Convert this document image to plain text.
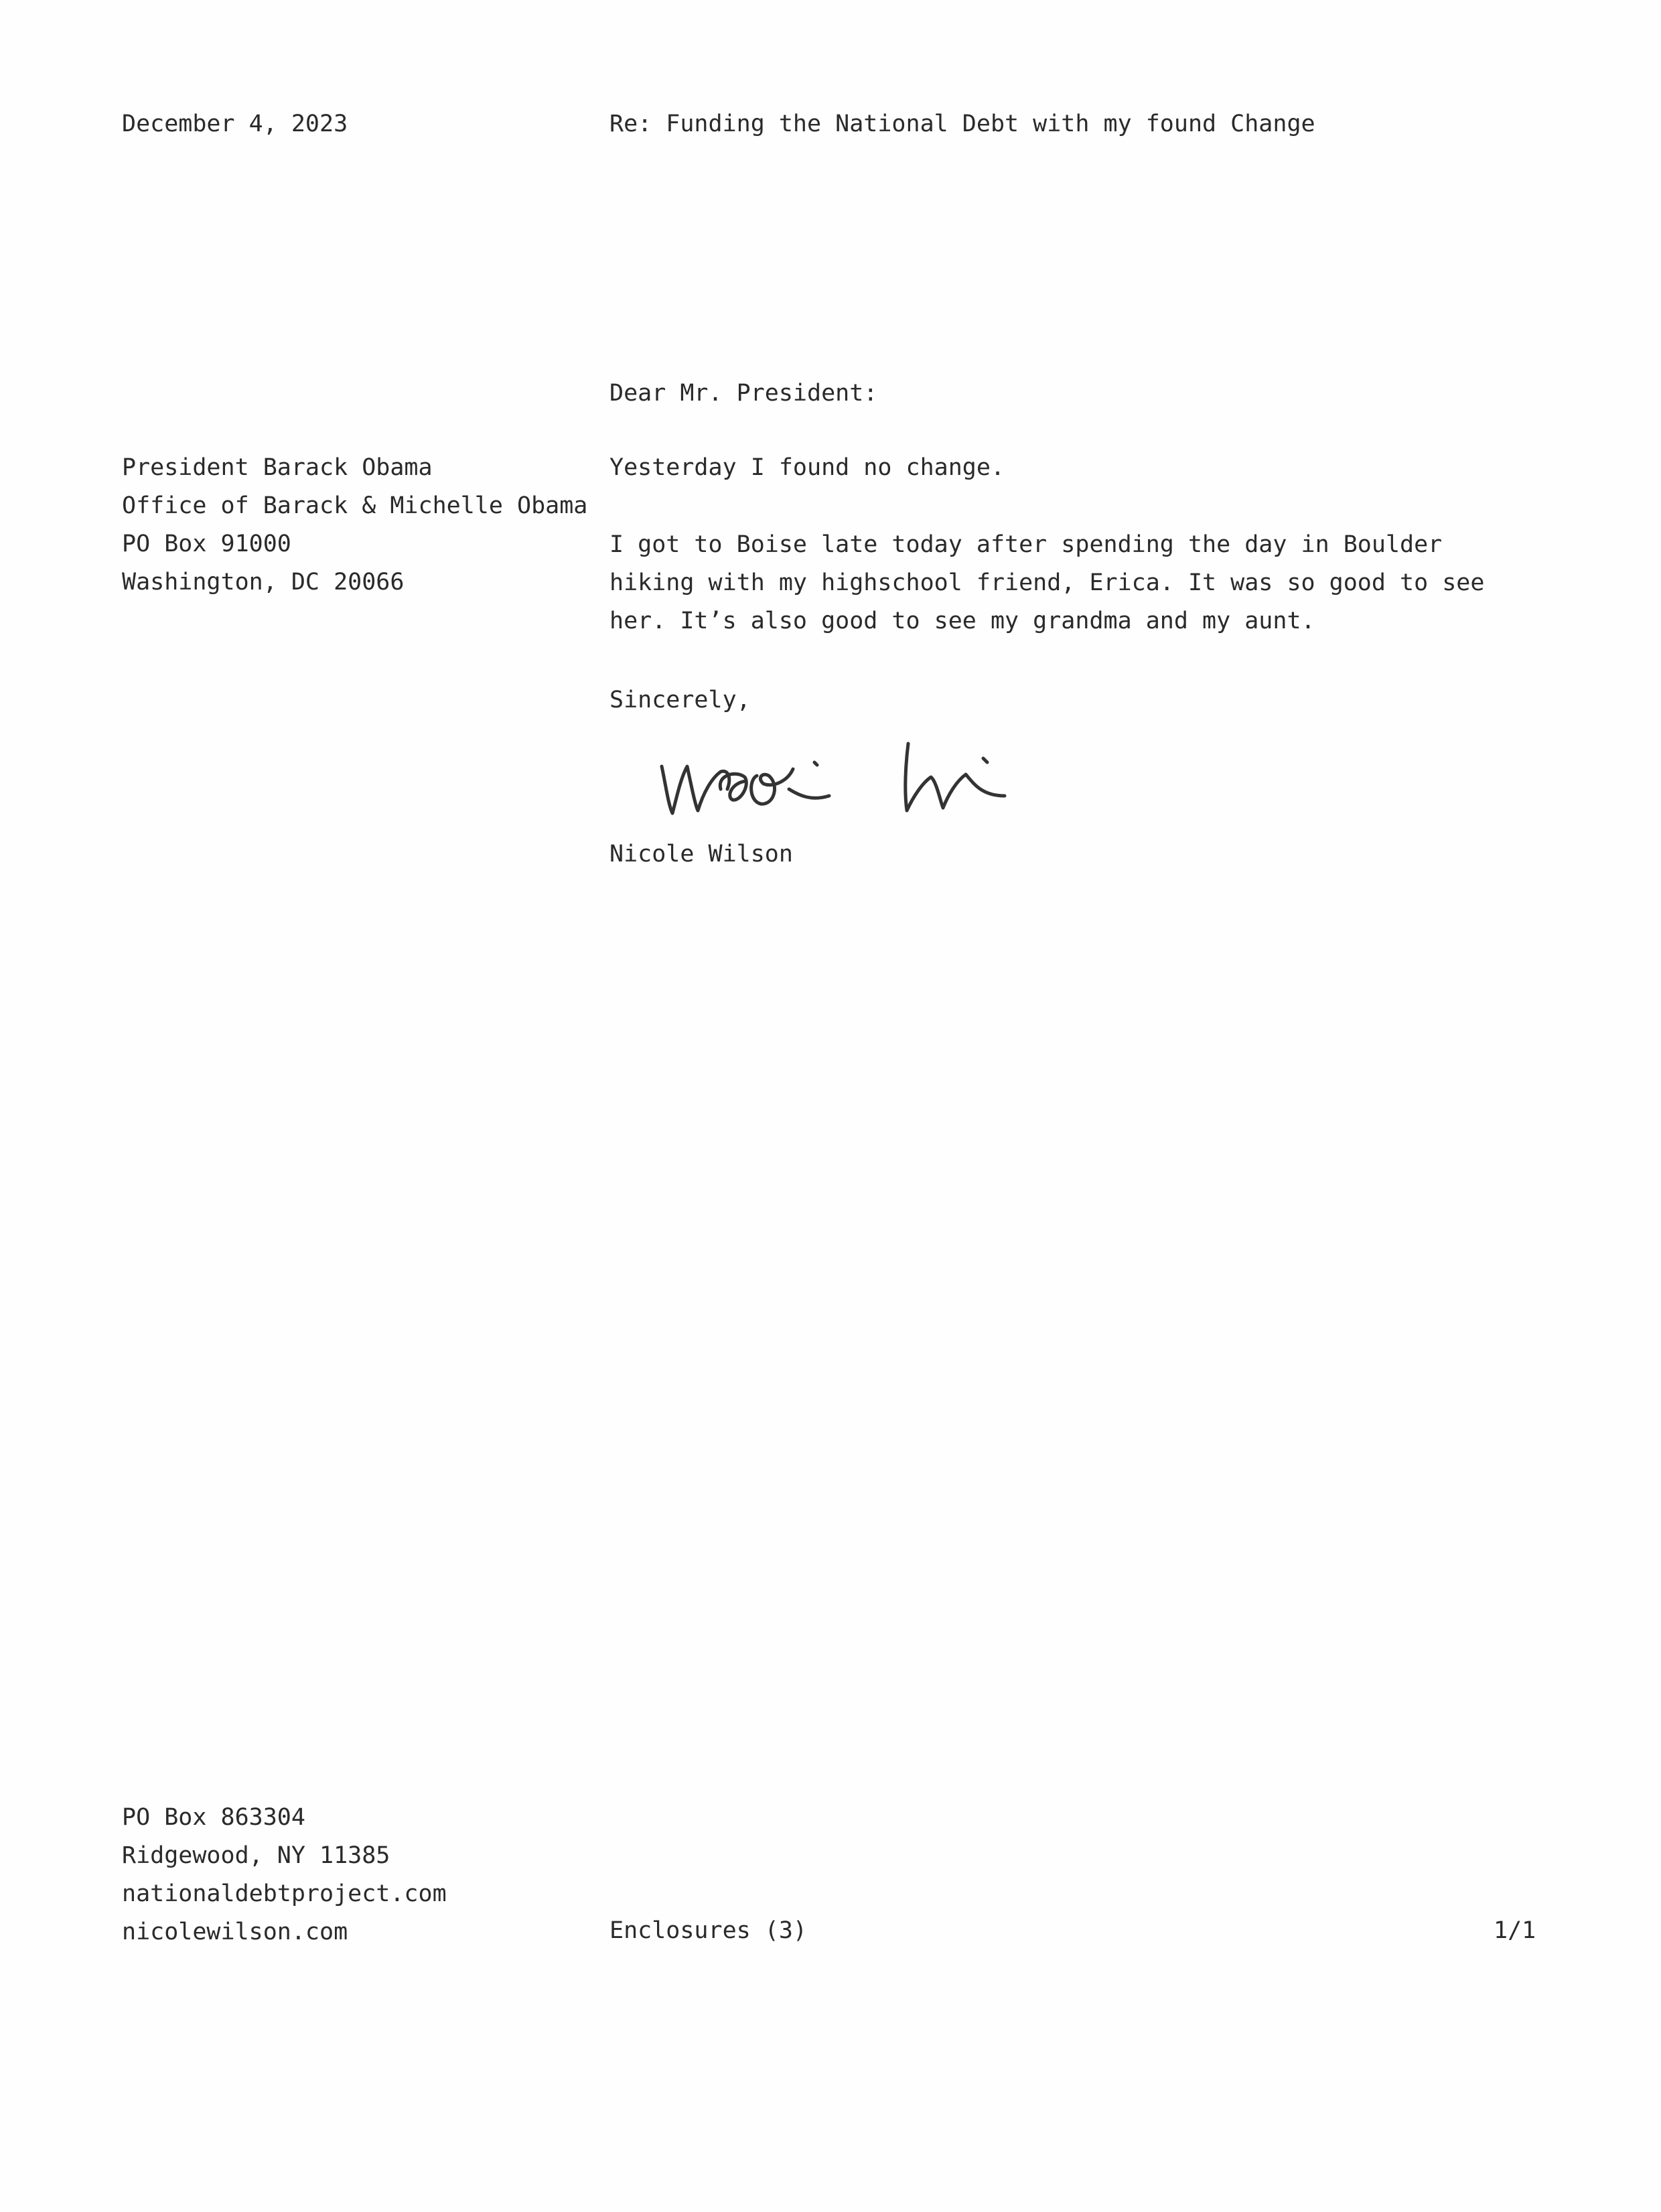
December 4, 2023	Re: Funding the National Debt with my found Change
Dear Mr. President:
President Barack Obama
Office of Barack & Michelle Obama
PO Box 91000
Washington, DC 20066
Yesterday I found no change.
I got to Boise late today after spending the day in Boulder hiking with my highschool friend, Erica. It was so good to see her. It’s also good to see my grandma and my aunt.
Sincerely,
Nicole Wilson
PO Box 863304
Ridgewood, NY 11385
nationaldebtproject.com
nicolewilson.com	Enclosures (3)	1/1
